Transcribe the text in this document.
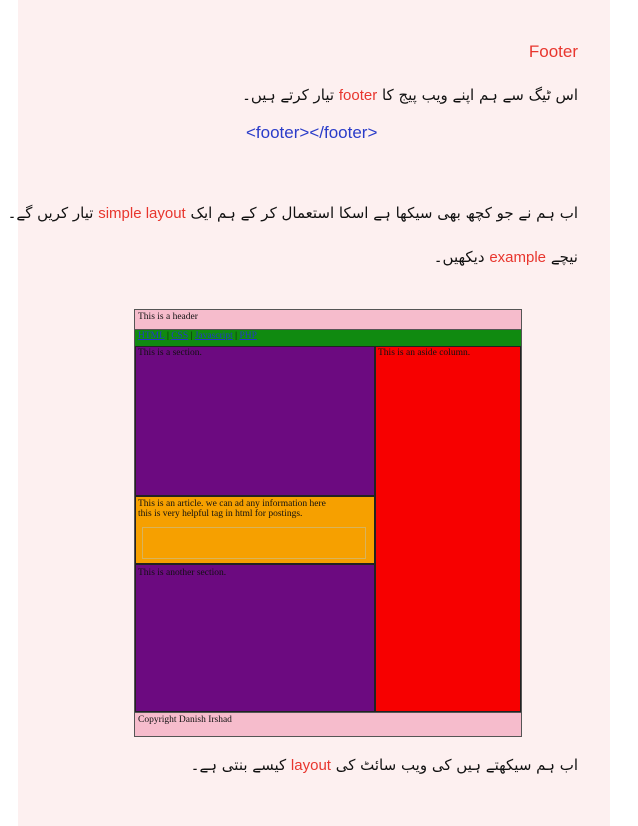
Footer
اس ٹیگ سے ہم اپنے ویب پیج کا footer تیار کرتے ہیں۔
<footer></footer>
اب ہم نے جو کچھ بھی سیکھا ہے اسکا استعمال کر کے ہم ایک simple layout تیار کریں گے۔
نیچے example دیکھیں۔
This is a header
HTML | CSS | Javascript | PHP
This is a section.	This is an aside column.
This is an article. we can ad any information here
this is very helpful tag in html for postings.
This is another section.
Copyright Danish Irshad
اب ہم سیکھتے ہیں کی ویب سائٹ کی layout کیسے بنتی ہے۔
